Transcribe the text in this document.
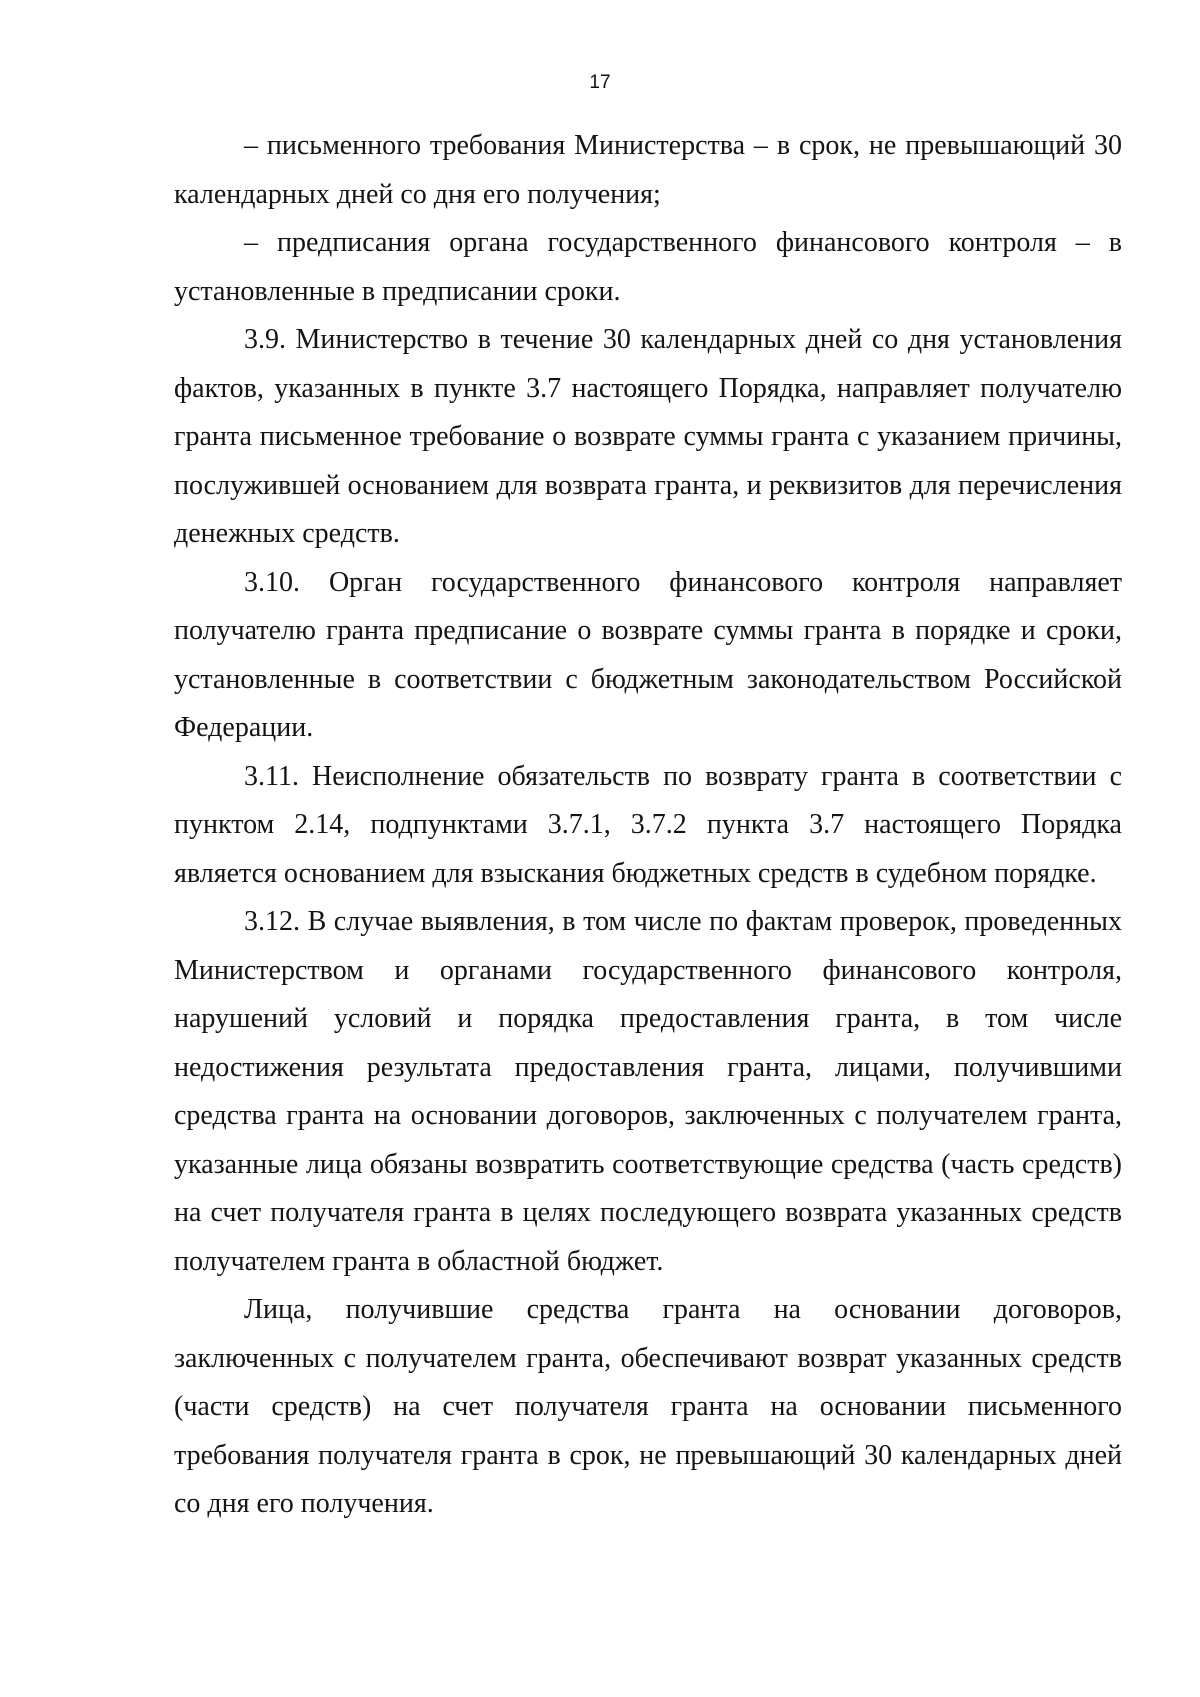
17

– письменного требования Министерства – в срок, не превышающий 30 календарных дней со дня его получения;

– предписания органа государственного финансового контроля – в установленные в предписании сроки.

3.9. Министерство в течение 30 календарных дней со дня установления фактов, указанных в пункте 3.7 настоящего Порядка, направляет получателю гранта письменное требование о возврате суммы гранта с указанием причины, послужившей основанием для возврата гранта, и реквизитов для перечисления денежных средств.

3.10. Орган государственного финансового контроля направляет получателю гранта предписание о возврате суммы гранта в порядке и сроки, установленные в соответствии с бюджетным законодательством Российской Федерации.

3.11. Неисполнение обязательств по возврату гранта в соответствии с пунктом 2.14, подпунктами 3.7.1, 3.7.2 пункта 3.7 настоящего Порядка является основанием для взыскания бюджетных средств в судебном порядке.

3.12. В случае выявления, в том числе по фактам проверок, проведенных Министерством и органами государственного финансового контроля, нарушений условий и порядка предоставления гранта, в том числе недостижения результата предоставления гранта, лицами, получившими средства гранта на основании договоров, заключенных с получателем гранта, указанные лица обязаны возвратить соответствующие средства (часть средств) на счет получателя гранта в целях последующего возврата указанных средств получателем гранта в областной бюджет.

Лица, получившие средства гранта на основании договоров, заключенных с получателем гранта, обеспечивают возврат указанных средств (части средств) на счет получателя гранта на основании письменного требования получателя гранта в срок, не превышающий 30 календарных дней со дня его получения.
